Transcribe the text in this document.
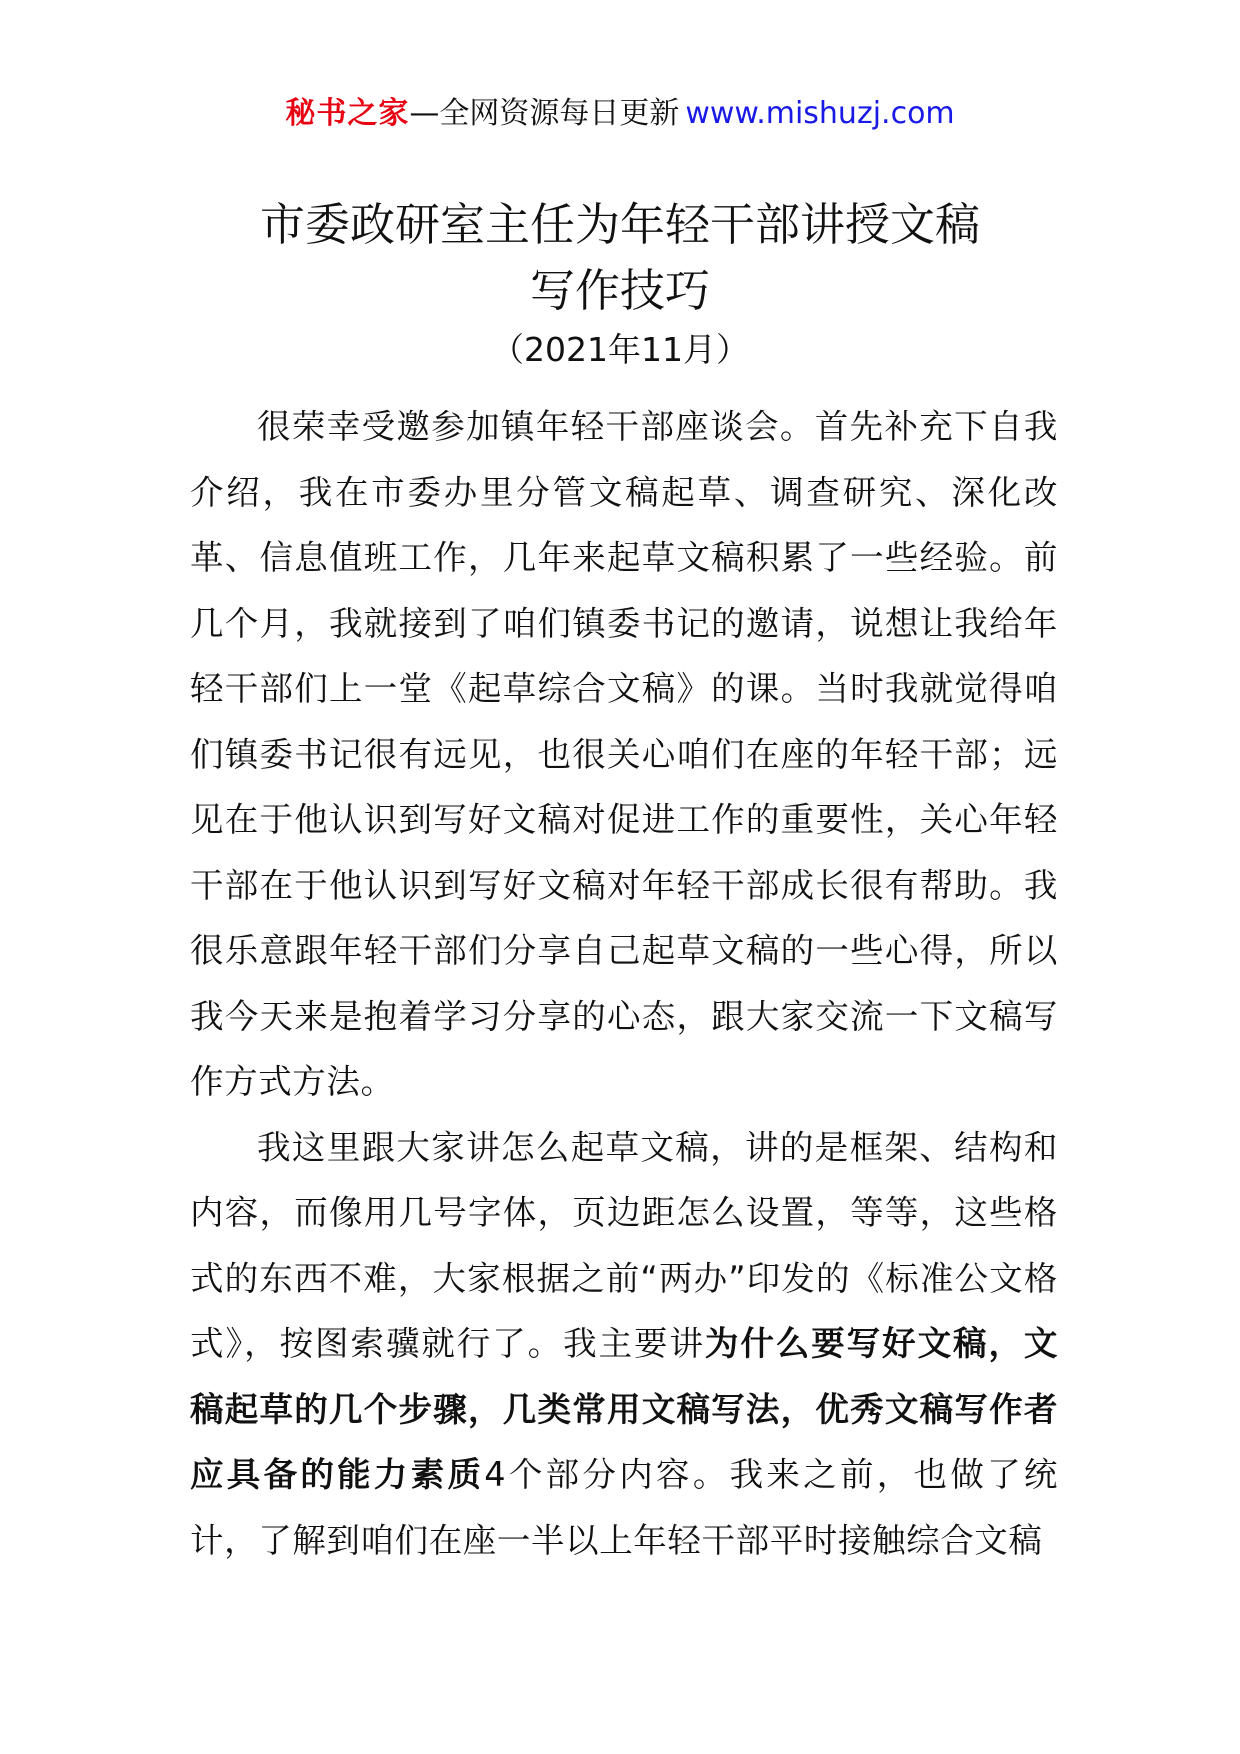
秘书之家—全网资源每日更新 www.mishuzj.com
市委政研室主任为年轻干部讲授文稿
写作技巧
（2021年11月）

很荣幸受邀参加镇年轻干部座谈会。首先补充下自我介绍，我在市委办里分管文稿起草、调查研究、深化改革、信息值班工作，几年来起草文稿积累了一些经验。前几个月，我就接到了咱们镇委书记的邀请，说想让我给年轻干部们上一堂《起草综合文稿》的课。当时我就觉得咱们镇委书记很有远见，也很关心咱们在座的年轻干部；远见在于他认识到写好文稿对促进工作的重要性，关心年轻干部在于他认识到写好文稿对年轻干部成长很有帮助。我很乐意跟年轻干部们分享自己起草文稿的一些心得，所以我今天来是抱着学习分享的心态，跟大家交流一下文稿写作方式方法。

我这里跟大家讲怎么起草文稿，讲的是框架、结构和内容，而像用几号字体，页边距怎么设置，等等，这些格式的东西不难，大家根据之前“两办”印发的《标准公文格式》，按图索骥就行了。我主要讲为什么要写好文稿，文稿起草的几个步骤，几类常用文稿写法，优秀文稿写作者应具备的能力素质4个部分内容。我来之前，也做了统计，了解到咱们在座一半以上年轻干部平时接触综合文稿
